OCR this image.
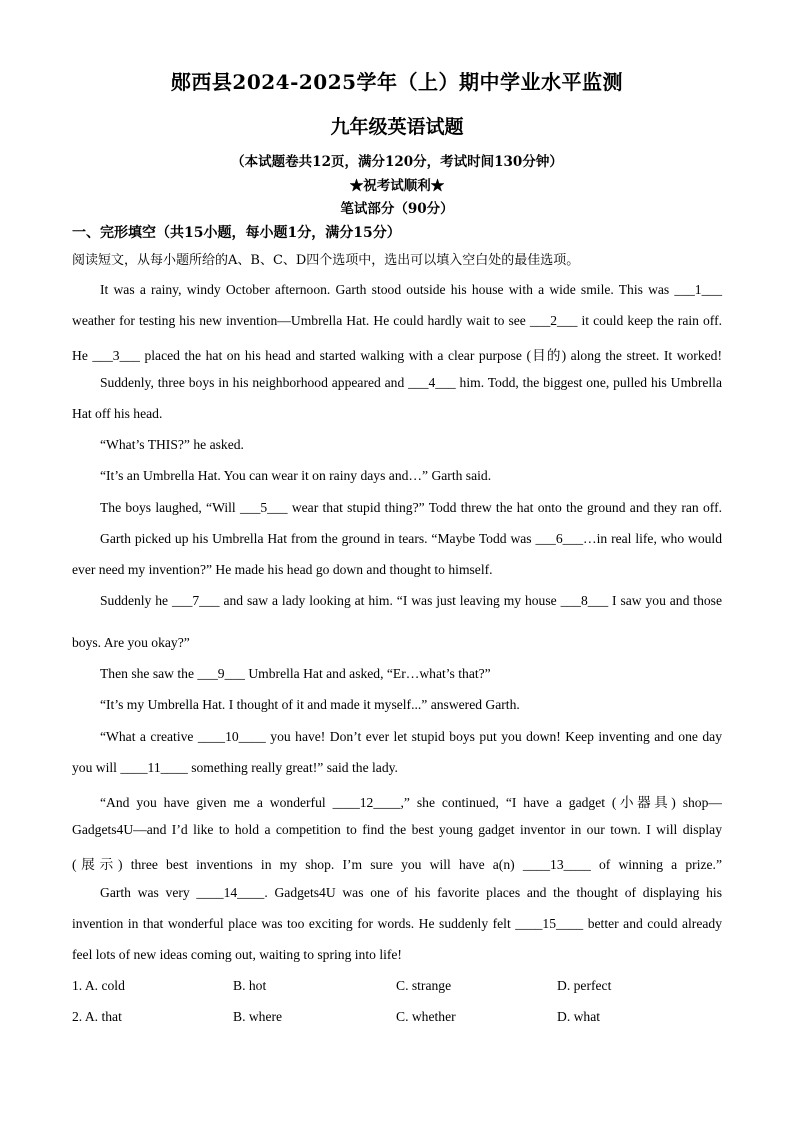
郧西县2024-2025学年（上）期中学业水平监测
九年级英语试题
（本试题卷共12页，满分120分，考试时间130分钟）
★祝考试顺利★
笔试部分（90分）
一、完形填空（共15小题，每小题1分，满分15分）
阅读短文，从每小题所给的A、B、C、D四个选项中，选出可以填入空白处的最佳选项。
It was a rainy, windy October afternoon. Garth stood outside his house with a wide smile. This was ___1___
weather for testing his new invention—Umbrella Hat. He could hardly wait to see ___2___ it could keep the rain off.
He ___3___ placed the hat on his head and started walking with a clear purpose (目的) along the street. It worked!
Suddenly, three boys in his neighborhood appeared and ___4___ him. Todd, the biggest one, pulled his Umbrella
Hat off his head.
“What’s THIS?” he asked.
“It’s an Umbrella Hat. You can wear it on rainy days and…” Garth said.
The boys laughed, “Will ___5___ wear that stupid thing?” Todd threw the hat onto the ground and they ran off.
Garth picked up his Umbrella Hat from the ground in tears. “Maybe Todd was ___6___…in real life, who would
ever need my invention?” He made his head go down and thought to himself.
Suddenly he ___7___ and saw a lady looking at him. “I was just leaving my house ___8___ I saw you and those
boys. Are you okay?”
Then she saw the ___9___ Umbrella Hat and asked, “Er…what’s that?”
“It’s my Umbrella Hat. I thought of it and made it myself...” answered Garth.
“What a creative ____10____ you have! Don’t ever let stupid boys put you down! Keep inventing and one day
you will ____11____ something really great!” said the lady.
“And you have given me a wonderful ____12____,” she continued, “I have a gadget (小器具) shop—
Gadgets4U—and I’d like to hold a competition to find the best young gadget inventor in our town. I will display
(展示) three best inventions in my shop. I’m sure you will have a(n) ____13____ of winning a prize.”
Garth was very ____14____. Gadgets4U was one of his favorite places and the thought of displaying his
invention in that wonderful place was too exciting for words. He suddenly felt ____15____ better and could already
feel lots of new ideas coming out, waiting to spring into life!
1. A. cold	B. hot	C. strange	D. perfect
2. A. that	B. where	C. whether	D. what
